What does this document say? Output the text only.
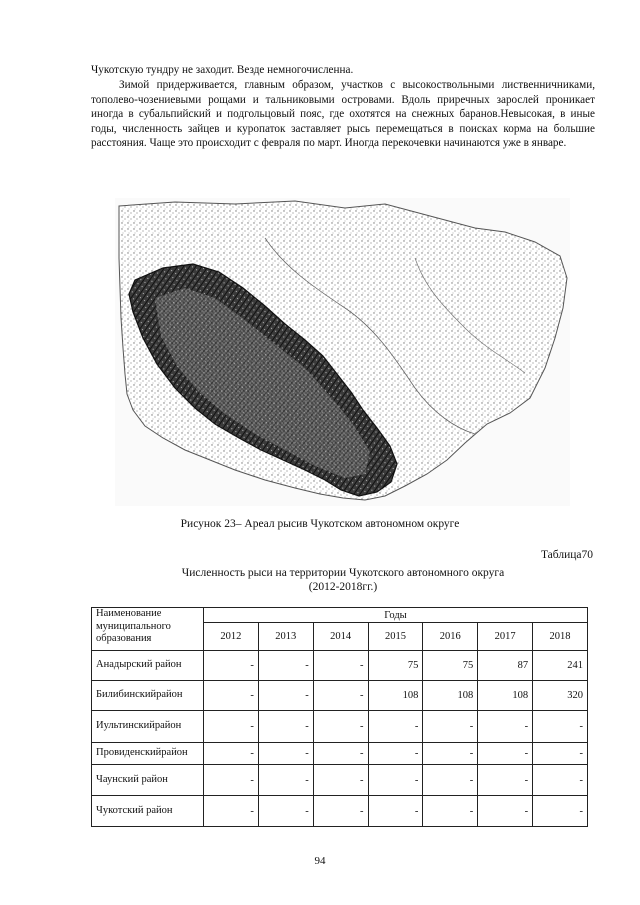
Чукотскую тундру не заходит. Везде немногочисленна.

Зимой придерживается, главным образом, участков с высокоствольными лиственничниками, тополево-чозениевыми рощами и тальниковыми островами. Вдоль приречных зарослей проникает иногда в субальпийский и подгольцовый пояс, где охотятся на снежных баранов.Невысокая, в иные годы, численность зайцев и куропаток заставляет рысь перемещаться в поисках корма на большие расстояния. Чаще это происходит с февраля по март. Иногда перекочевки начинаются уже в январе.

Рисунок 23– Ареал рысив Чукотском автономном округе
Таблица70
Численность рыси на территории Чукотского автономного округа
(2012-2018гг.)
Наименование муниципального образования	Годы						
	2012	2013	2014	2015	2016	2017	2018
Анадырский район	-	-	-	75	75	87	241
Билибинскийрайон	-	-	-	108	108	108	320
Иультинскийрайон	-	-	-	-	-	-	-
Провиденскийрайон	-	-	-	-	-	-	-
Чаунский район	-	-	-	-	-	-	-
Чукотский район	-	-	-	-	-	-	-
94
